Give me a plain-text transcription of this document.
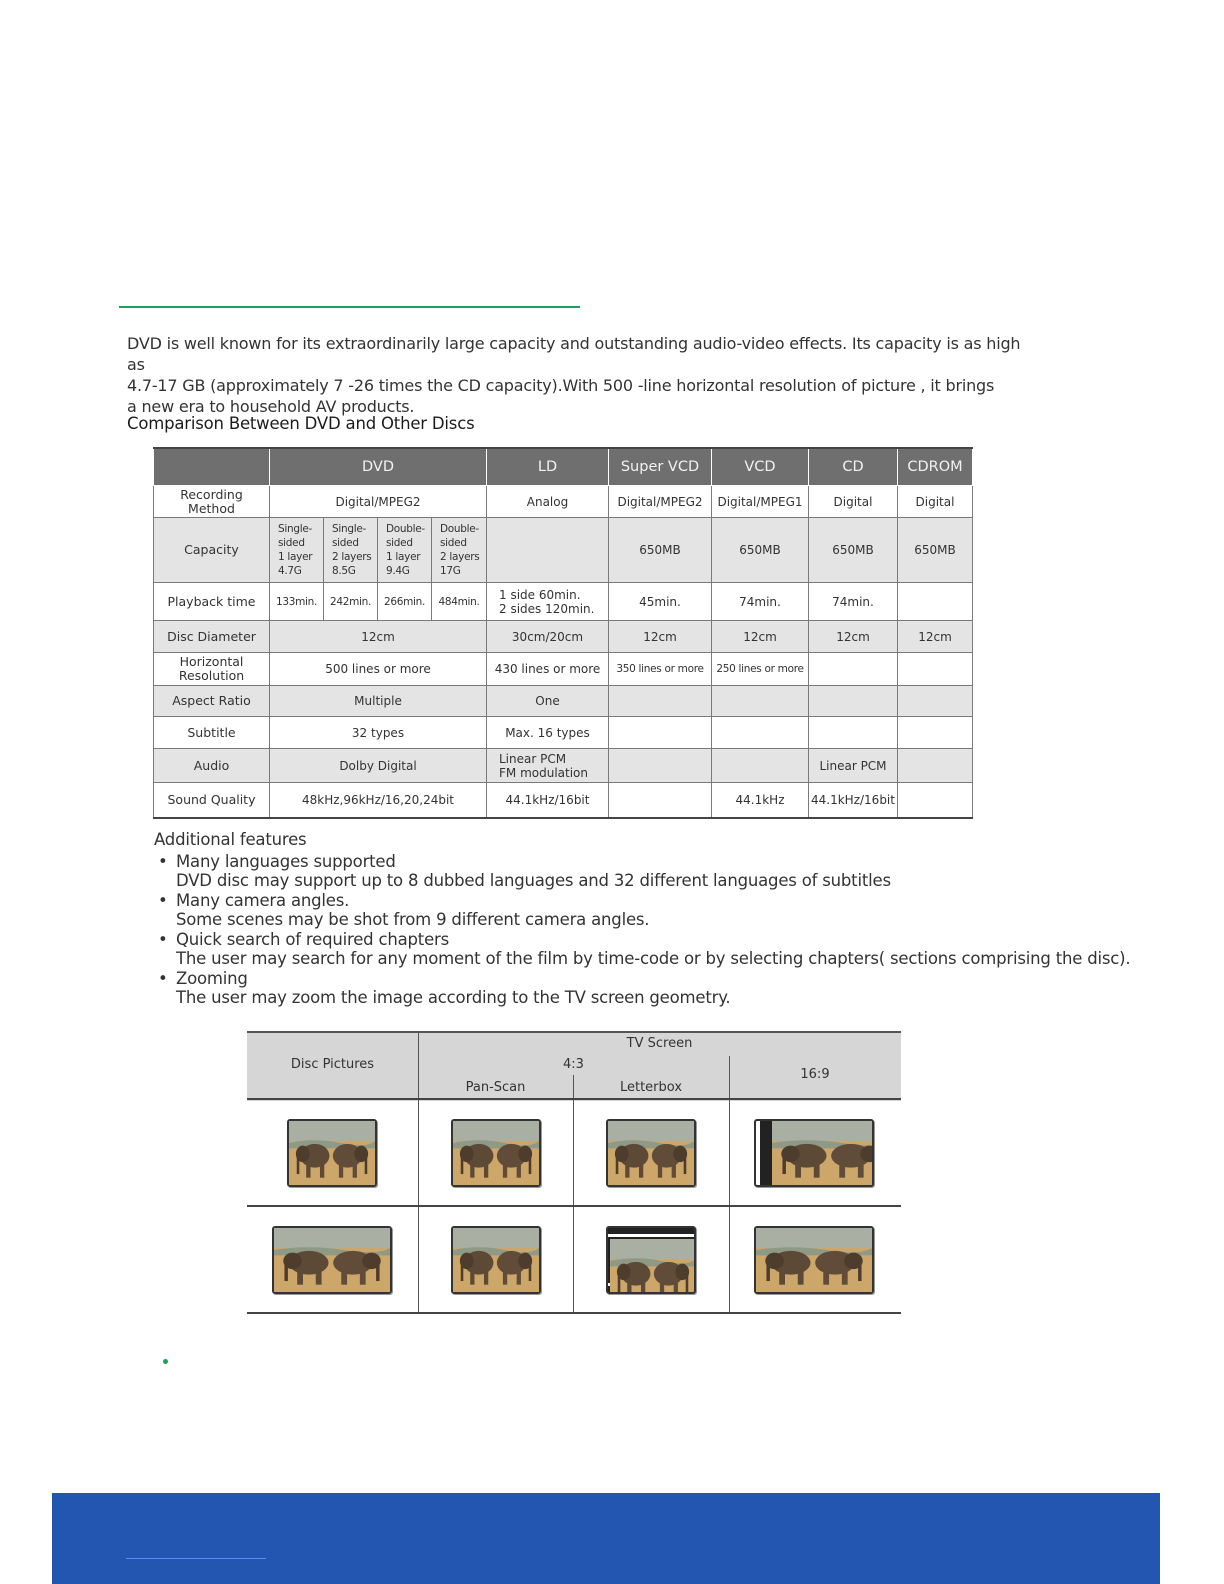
DVD is well known for its extraordinarily large capacity and outstanding audio-video effects. Its capacity is as high as

4.7-17 GB (approximately 7 -26 times the CD capacity).With 500 -line horizontal resolution of picture , it brings

a new era to household AV products.

Comparison Between DVD and Other Discs
	DVD				LD	Super VCD	VCD	CD	CDROM
Recording Method	Digital/MPEG2				Analog	Digital/MPEG2	Digital/MPEG1	Digital	Digital
Capacity	Single-
sided
1 layer
4.7G	Single-
sided
2 layers
8.5G	Double-
sided
1 layer
9.4G	Double-
sided
2 layers
17G		650MB	650MB	650MB	650MB
Playback time	133min.	242min.	266min.	484min.	1 side 60min.
2 sides 120min.	45min.	74min.	74min.	
Disc Diameter	12cm				30cm/20cm	12cm	12cm	12cm	12cm
Horizontal
Resolution	500 lines or more				430 lines or more	350 lines or more	250 lines or more		
Aspect Ratio	Multiple				One				
Subtitle	32 types				Max. 16 types				
Audio	Dolby Digital				Linear PCM
FM modulation			Linear PCM	
Sound Quality	48kHz,96kHz/16,20,24bit				44.1kHz/16bit		44.1kHz	44.1kHz/16bit	
Additional features
• Many languages supported
DVD disc may support up to 8 dubbed languages and 32 different languages of subtitles
• Many camera angles.
Some scenes may be shot from 9 different camera angles.
• Quick search of required chapters
The user may search for any moment of the film by time-code or by selecting chapters( sections comprising the disc).
• Zooming
The user may zoom the image according to the TV screen geometry.
Disc Pictures
TV Screen
4:3
Pan-Scan	Letterbox
16:9
